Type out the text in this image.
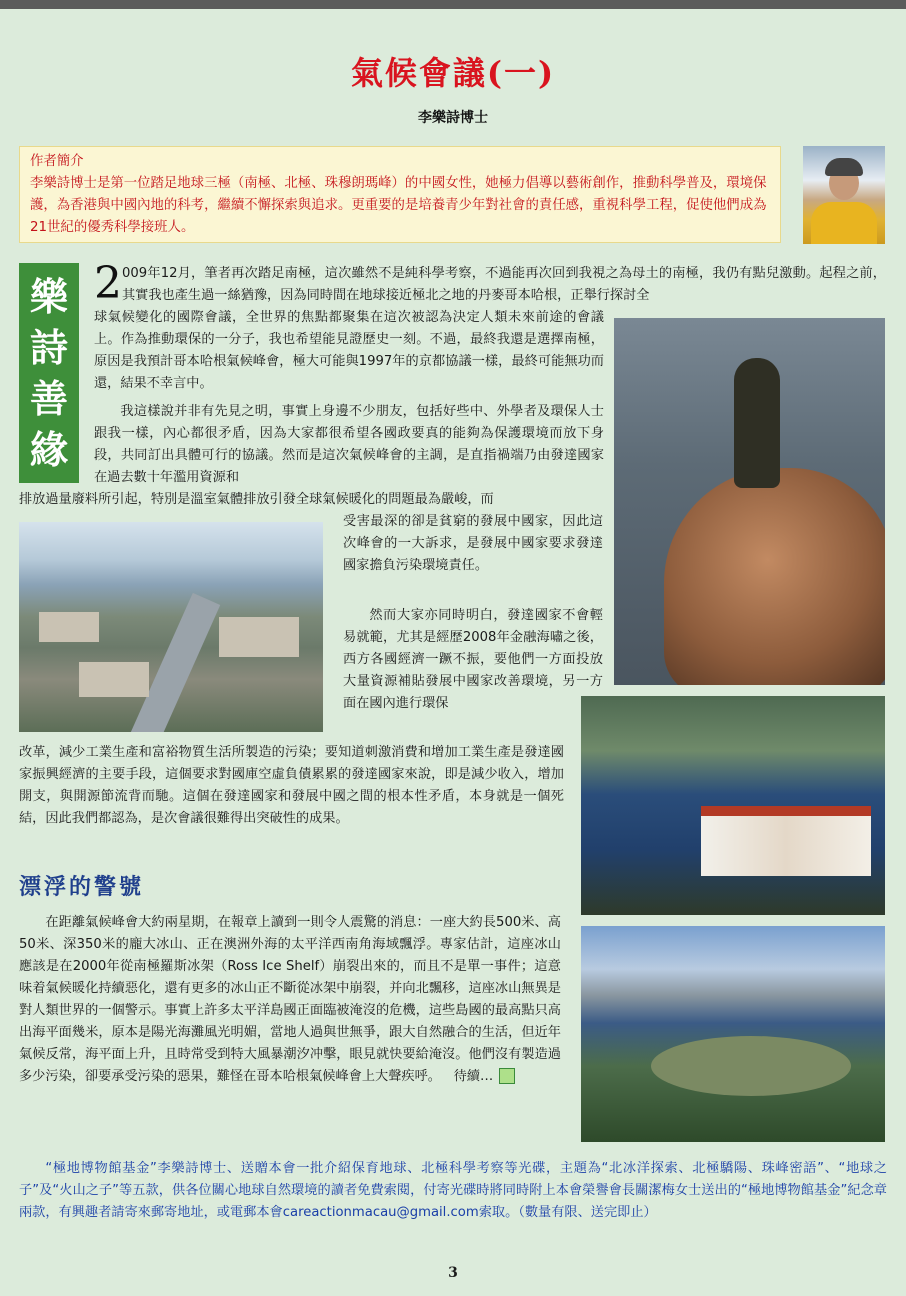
氣候會議(一)
李樂詩博士
作者簡介
李樂詩博士是第一位踏足地球三極（南極、北極、珠穆朗瑪峰）的中國女性，她極力倡導以藝術創作，推動科學普及，環境保護，為香港與中國內地的科考，繼續不懈探索與追求。更重要的是培養青少年對社會的責任感，重視科學工程，促使他們成為21世紀的優秀科學接班人。
樂
詩
善
緣
2 009年12月，筆者再次踏足南極，這次雖然不是純科學考察，不過能再次回到我視之為母土的南極，我仍有點兒激動。起程之前，其實我也產生過一絲猶豫，因為同時間在地球接近極北之地的丹麥哥本哈根，正舉行探討全

球氣候變化的國際會議，全世界的焦點都聚集在這次被認為決定人類未來前途的會議上。作為推動環保的一分子，我也希望能見證歷史一刻。不過，最終我還是選擇南極，原因是我預計哥本哈根氣候峰會，極大可能與1997年的京都協議一樣，最終可能無功而還，結果不幸言中。

我這樣說并非有先見之明，事實上身邊不少朋友，包括好些中、外學者及環保人士跟我一樣，內心都很矛盾，因為大家都很希望各國政要真的能夠為保護環境而放下身段，共同訂出具體可行的協議。然而是這次氣候峰會的主調，是直指禍端乃由發達國家在過去數十年濫用資源和

排放過量廢料所引起，特別是溫室氣體排放引發全球氣候暖化的問題最為嚴峻，而

受害最深的卻是貧窮的發展中國家，因此這次峰會的一大訴求，是發展中國家要求發達國家擔負污染環境責任。

然而大家亦同時明白，發達國家不會輕易就範，尤其是經歷2008年金融海嘯之後，西方各國經濟一蹶不振，要他們一方面投放大量資源補貼發展中國家改善環境，另一方面在國內進行環保

改革，減少工業生產和富裕物質生活所製造的污染；要知道刺激消費和增加工業生產是發達國家振興經濟的主要手段，這個要求對國庫空虛負債累累的發達國家來說，即是減少收入，增加開支，與開源節流背而馳。這個在發達國家和發展中國之間的根本性矛盾，本身就是一個死結，因此我們都認為，是次會議很難得出突破性的成果。

漂浮的警號

在距離氣候峰會大約兩星期，在報章上讀到一則令人震驚的消息：一座大約長500米、高50米、深350米的龐大冰山、正在澳洲外海的太平洋西南角海域飄浮。專家估計，這座冰山應該是在2000年從南極羅斯冰架（Ross Ice Shelf）崩裂出來的，而且不是單一事件；這意味着氣候暖化持續惡化，還有更多的冰山正不斷從冰架中崩裂，并向北飄移，這座冰山無異是對人類世界的一個警示。事實上許多太平洋島國正面臨被淹沒的危機，這些島國的最高點只高出海平面幾米，原本是陽光海灘風光明媚，當地人過與世無爭，跟大自然融合的生活，但近年氣候反常，海平面上升，且時常受到特大風暴潮汐冲擊，眼見就快要給淹沒。他們沒有製造過多少污染，卻要承受污染的惡果，難怪在哥本哈根氣候峰會上大聲疾呼。 待續…

“極地博物館基金”李樂詩博士、送贈本會一批介紹保育地球、北極科學考察等光碟，主題為“北冰洋探索、北極驕陽、珠峰密語”、“地球之子”及“火山之子”等五款，供各位關心地球自然環境的讀者免費索閱，付寄光碟時將同時附上本會榮譽會長關潔梅女士送出的“極地博物館基金”紀念章兩款，有興趣者請寄來郵寄地址，或電郵本會careactionmacau@gmail.com索取。（數量有限、送完即止）
3
